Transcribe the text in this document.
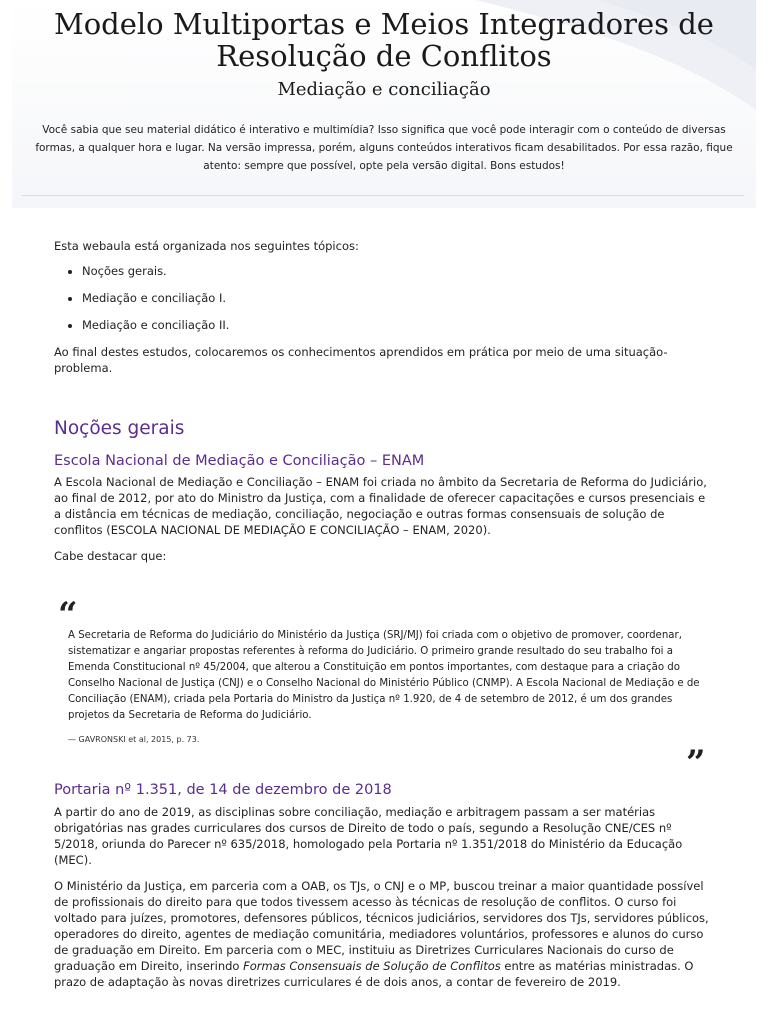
Modelo Multiportas e Meios Integradores de
Resolução de Conflitos
Mediação e conciliação

Você sabia que seu material didático é interativo e multimídia? Isso significa que você pode interagir com o conteúdo de diversas formas, a qualquer hora e lugar. Na versão impressa, porém, alguns conteúdos interativos ficam desabilitados. Por essa razão, fique atento: sempre que possível, opte pela versão digital. Bons estudos!

Esta webaula está organizada nos seguintes tópicos:

• Noções gerais.
• Mediação e conciliação I.
• Mediação e conciliação II.

Ao final destes estudos, colocaremos os conhecimentos aprendidos em prática por meio de uma situação-problema.

Noções gerais
Escola Nacional de Mediação e Conciliação – ENAM

A Escola Nacional de Mediação e Conciliação – ENAM foi criada no âmbito da Secretaria de Reforma do Judiciário, ao final de 2012, por ato do Ministro da Justiça, com a finalidade de oferecer capacitações e cursos presenciais e a distância em técnicas de mediação, conciliação, negociação e outras formas consensuais de solução de conflitos (ESCOLA NACIONAL DE MEDIAÇÃO E CONCILIAÇÃO – ENAM, 2020).

Cabe destacar que:

“

A Secretaria de Reforma do Judiciário do Ministério da Justiça (SRJ/MJ) foi criada com o objetivo de promover, coordenar, sistematizar e angariar propostas referentes à reforma do Judiciário. O primeiro grande resultado do seu trabalho foi a Emenda Constitucional nº 45/2004, que alterou a Constituição em pontos importantes, com destaque para a criação do Conselho Nacional de Justiça (CNJ) e o Conselho Nacional do Ministério Público (CNMP). A Escola Nacional de Mediação e de Conciliação (ENAM), criada pela Portaria do Ministro da Justiça nº 1.920, de 4 de setembro de 2012, é um dos grandes projetos da Secretaria de Reforma do Judiciário.

— GAVRONSKI et al, 2015, p. 73.

”
Portaria nº 1.351, de 14 de dezembro de 2018

A partir do ano de 2019, as disciplinas sobre conciliação, mediação e arbitragem passam a ser matérias obrigatórias nas grades curriculares dos cursos de Direito de todo o país, segundo a Resolução CNE/CES nº 5/2018, oriunda do Parecer nº 635/2018, homologado pela Portaria nº 1.351/2018 do Ministério da Educação (MEC).

O Ministério da Justiça, em parceria com a OAB, os TJs, o CNJ e o MP, buscou treinar a maior quantidade possível de profissionais do direito para que todos tivessem acesso às técnicas de resolução de conflitos. O curso foi voltado para juízes, promotores, defensores públicos, técnicos judiciários, servidores dos TJs, servidores públicos, operadores do direito, agentes de mediação comunitária, mediadores voluntários, professores e alunos do curso de graduação em Direito. Em parceria com o MEC, instituiu as Diretrizes Curriculares Nacionais do curso de graduação em Direito, inserindo Formas Consensuais de Solução de Conflitos entre as matérias ministradas. O prazo de adaptação às novas diretrizes curriculares é de dois anos, a contar de fevereiro de 2019.
